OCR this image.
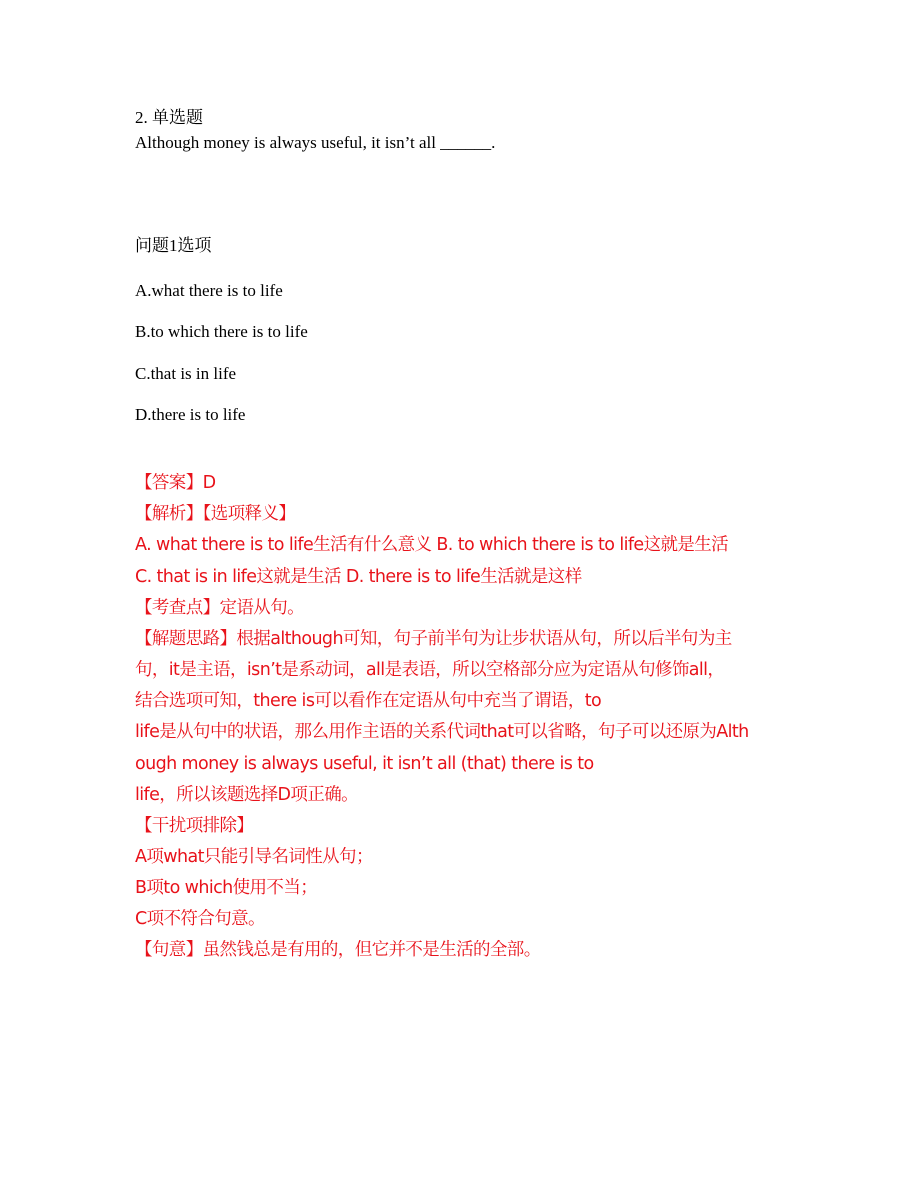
2. 单选题
Although money is always useful, it isn’t all ______.
问题1选项
A.what there is to life
B.to which there is to life
C.that is in life
D.there is to life
【答案】D
【解析】【选项释义】
A. what there is to life生活有什么意义 B. to which there is to life这就是生活
C. that is in life这就是生活 D. there is to life生活就是这样
【考查点】定语从句。
【解题思路】根据although可知，句子前半句为让步状语从句，所以后半句为主
句，it是主语，isn’t是系动词，all是表语，所以空格部分应为定语从句修饰all，
结合选项可知，there is可以看作在定语从句中充当了谓语，to
life是从句中的状语，那么用作主语的关系代词that可以省略，句子可以还原为Alth
ough money is always useful, it isn’t all (that) there is to
life，所以该题选择D项正确。
【干扰项排除】
A项what只能引导名词性从句；
B项to which使用不当；
C项不符合句意。
【句意】虽然钱总是有用的，但它并不是生活的全部。
